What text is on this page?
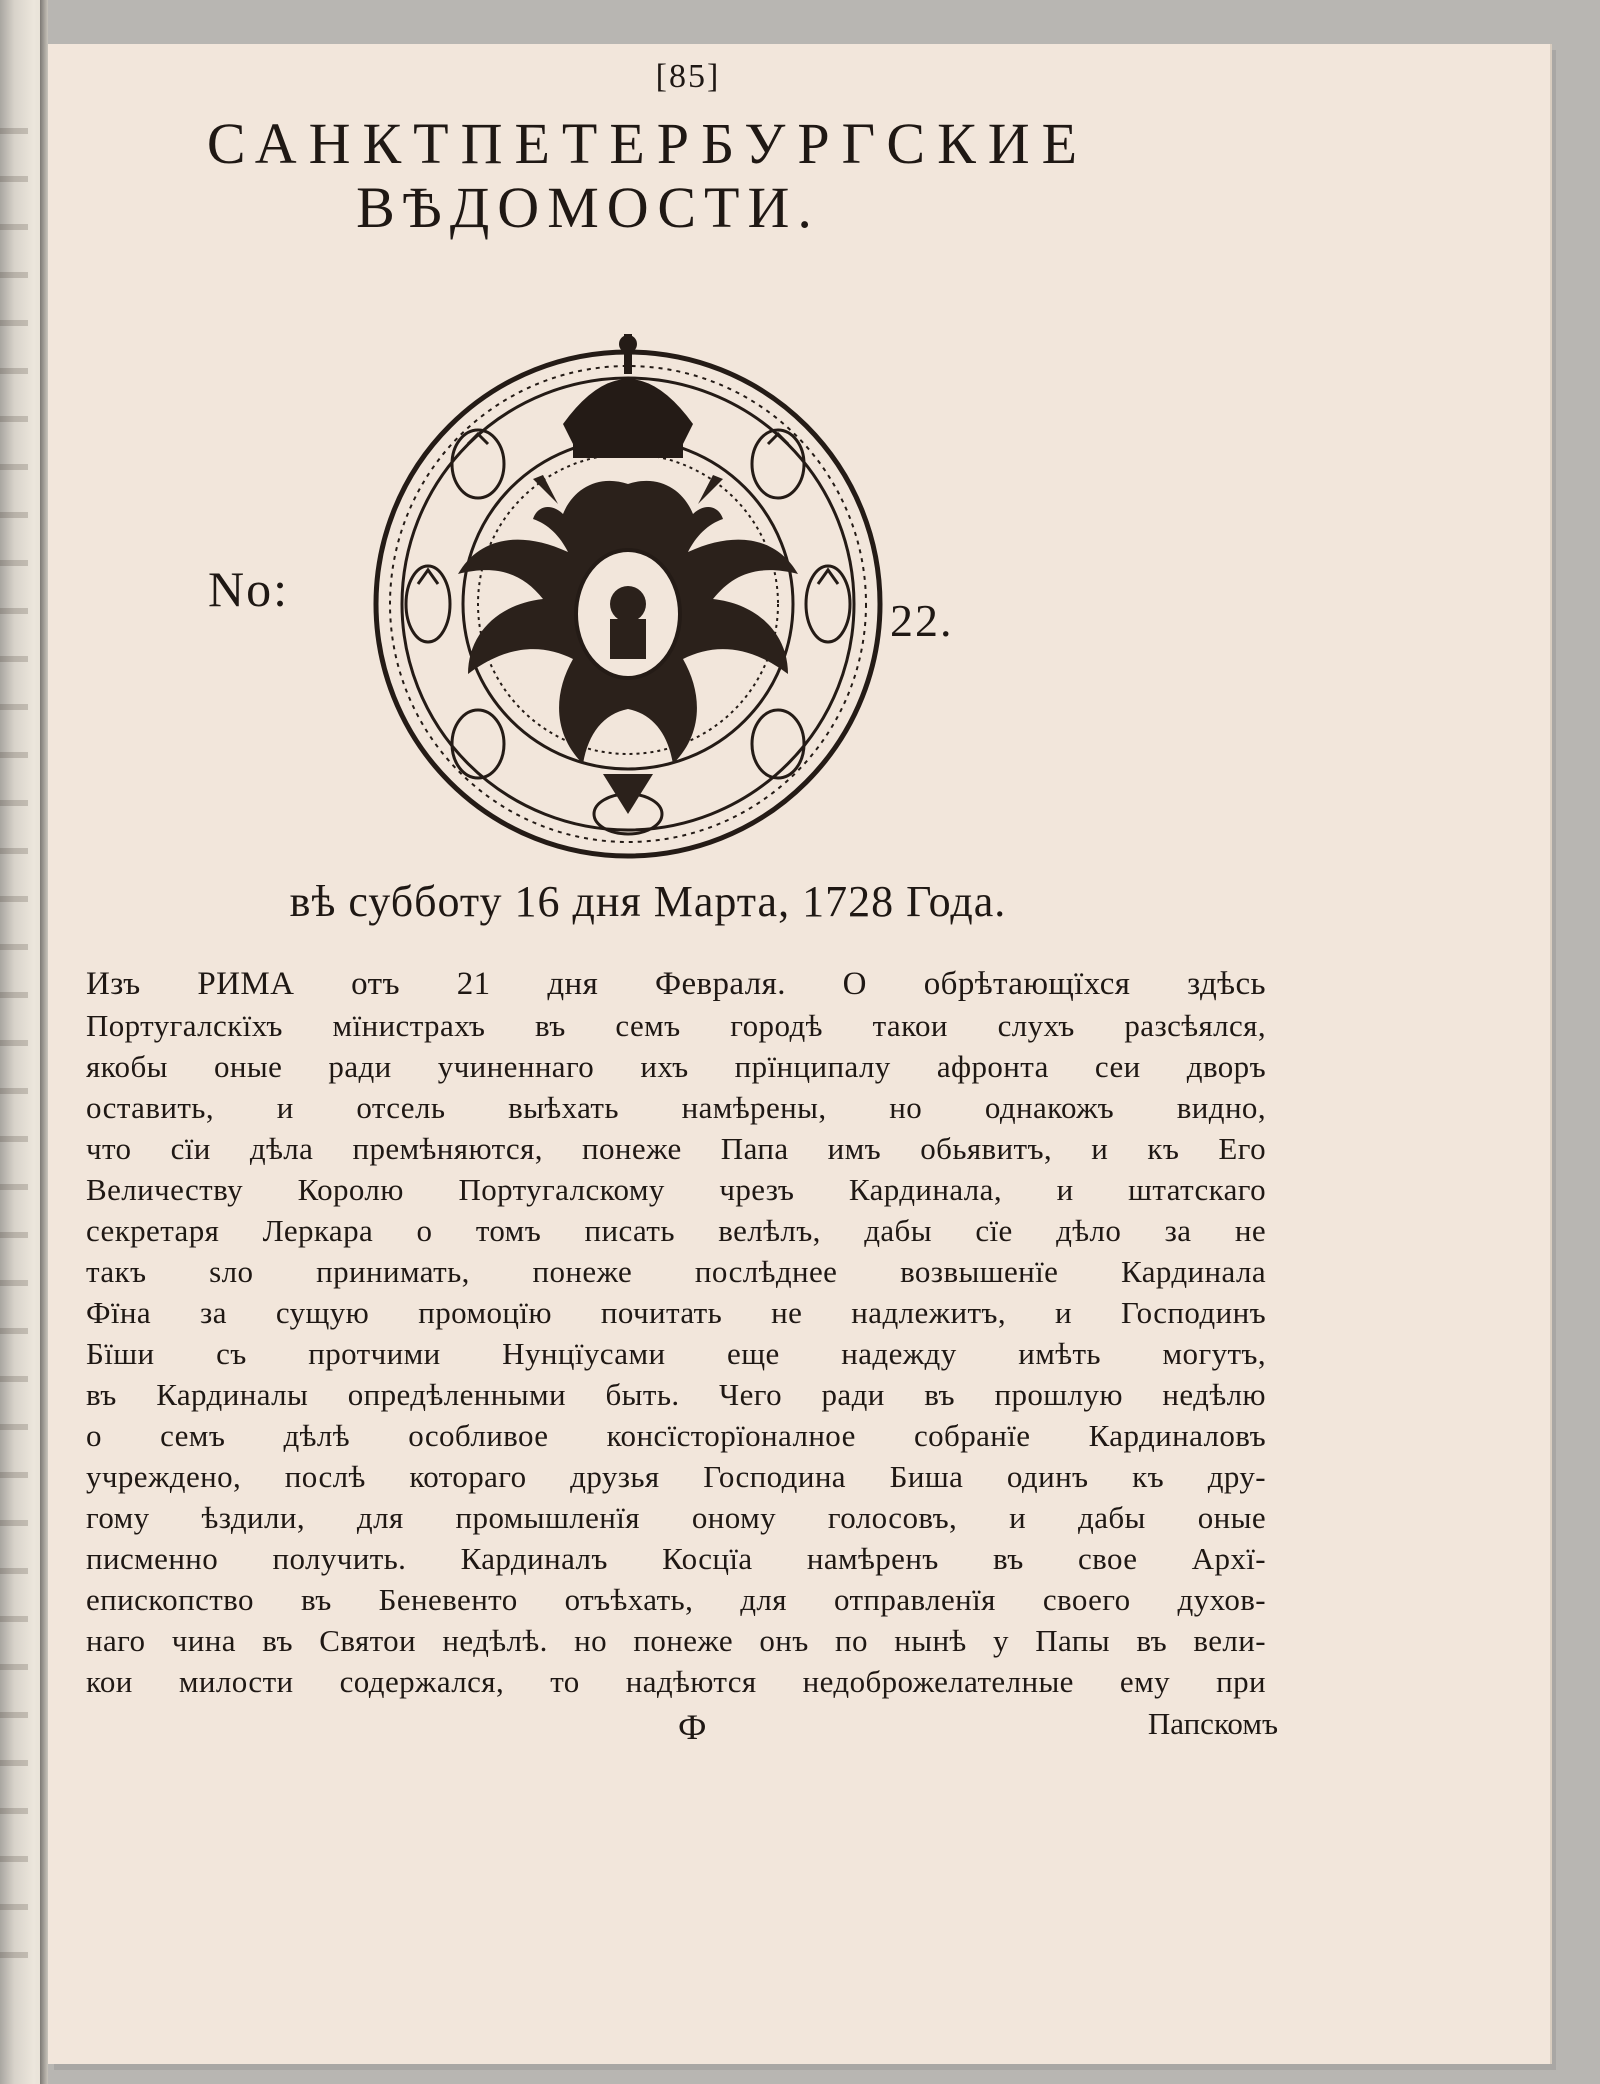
[85]
САНКТПЕТЕРБУРГСКИЕ
ВѢДОМОСТИ.
No:
22.
вѣ субботу 16 дня Марта, 1728 Года.
Изъ РИМА отъ 21 дня Февраля. О обрѣтающїхся здѣсь
Португалскїхъ мїнистрахъ въ семъ городѣ такои слухъ разсѣялся,
якобы оные ради учиненнаго ихъ прїнципалу афронта сеи дворъ
оставить, и отсель выѣхать намѣрены, но однакожъ видно,
что сїи дѣла премѣняются, понеже Папа имъ обьявитъ, и къ Его
Величеству Королю Португалскому чрезъ Кардинала, и штатскаго
секретаря Леркара о томъ писать велѣлъ, дабы сїе дѣло за не
такъ ѕло принимать, понеже послѣднее возвышенїе Кардинала
Фїна за сущую промоцїю почитать не надлежитъ, и Господинъ
Бїши съ протчими Нунцїусами еще надежду имѣть могутъ,
въ Кардиналы опредѣленными быть. Чего ради въ прошлую недѣлю
о семъ дѣлѣ особливое консїсторїоналное собранїе Кардиналовъ
учреждено, послѣ котораго друзья Господина Биша одинъ къ дру-
гому ѣздили, для промышленїя оному голосовъ, и дабы оные
писменно получить. Кардиналъ Косцїа намѣренъ въ свое Архї-
епископство въ Беневенто отъѣхать, для отправленїя своего духов-
наго чина въ Святои недѣлѣ. но понеже онъ по нынѣ у Папы въ вели-
кои милости содержался, то надѣются недоброжелателные ему при
Ф	Папскомъ
